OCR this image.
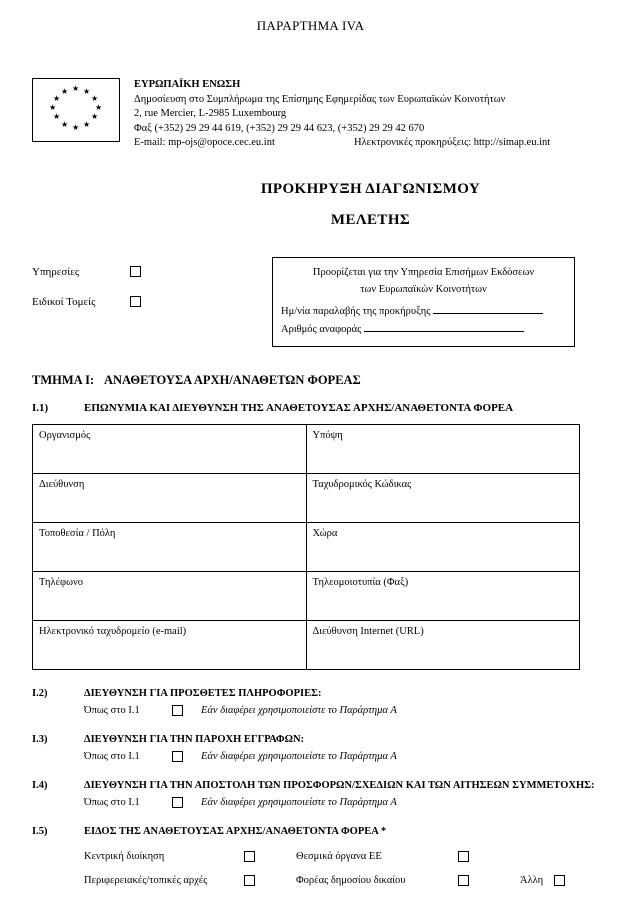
ΠΑΡΑΡΤΗΜΑ IVA
★
★ ★
★	★
★	★
★	★
★ ★
★
ΕΥΡΩΠΑΪΚΗ ΕΝΩΣΗ
Δημοσίευση στο Συμπλήρωμα της Επίσημης Εφημερίδας των Ευρωπαϊκών Κοινοτήτων
2, rue Mercier, L-2985 Luxembourg
Φαξ (+352) 29 29 44 619, (+352) 29 29 44 623, (+352) 29 29 42 670
E-mail: mp-ojs@opoce.cec.eu.int	Ηλεκτρονικές προκηρύξεις: http://simap.eu.int
ΠΡΟΚΗΡΥΞΗ ΔΙΑΓΩΝΙΣΜΟΥ
ΜΕΛΕΤΗΣ
Υπηρεσίες
Ειδικοί Τομείς
Προορίζεται για την Υπηρεσία Επισήμων Εκδόσεων
των Ευρωπαϊκών Κοινοτήτων
Ημ/νία παραλαβής της προκήρυξης
Αριθμός αναφοράς
ΤΜΗΜΑ I: ΑΝΑΘΕΤΟΥΣΑ ΑΡΧΗ/ΑΝΑΘΕΤΩΝ ΦΟΡΕΑΣ
I.1)	ΕΠΩΝΥΜΙΑ ΚΑΙ ΔΙΕΥΘΥΝΣΗ ΤΗΣ ΑΝΑΘΕΤΟΥΣΑΣ ΑΡΧΗΣ/ΑΝΑΘΕΤΟΝΤΑ ΦΟΡΕΑ
Οργανισμός	Υπόψη
Διεύθυνση	Ταχυδρομικός Κώδικας
Τοποθεσία / Πόλη	Χώρα
Τηλέφωνο	Τηλεομοιοτυπία (Φαξ)
Ηλεκτρονικό ταχυδρομείο (e-mail)	Διεύθυνση Internet (URL)
I.2)	ΔΙΕΥΘΥΝΣΗ ΓΙΑ ΠΡΟΣΘΕΤΕΣ ΠΛΗΡΟΦΟΡΙΕΣ:
Όπως στο I.1	Εάν διαφέρει χρησιμοποιείστε το Παράρτημα Α
I.3)	ΔΙΕΥΘΥΝΣΗ ΓΙΑ ΤΗΝ ΠΑΡΟΧΗ ΕΓΓΡΑΦΩΝ:
Όπως στο I.1	Εάν διαφέρει χρησιμοποιείστε το Παράρτημα Α
I.4)	ΔΙΕΥΘΥΝΣΗ ΓΙΑ ΤΗΝ ΑΠΟΣΤΟΛΗ ΤΩΝ ΠΡΟΣΦΟΡΩΝ/ΣΧΕΔΙΩΝ ΚΑΙ ΤΩΝ ΑΙΤΗΣΕΩΝ ΣΥΜΜΕΤΟΧΗΣ:
Όπως στο I.1	Εάν διαφέρει χρησιμοποιείστε το Παράρτημα Α
I.5)	ΕΙΔΟΣ ΤΗΣ ΑΝΑΘΕΤΟΥΣΑΣ ΑΡΧΗΣ/ΑΝΑΘΕΤΟΝΤΑ ΦΟΡΕΑ *
Κεντρική διοίκηση	Θεσμικά όργανα ΕΕ
Περιφερειακές/τοπικές αρχές	Φορέας δημοσίου δικαίου	Άλλη
